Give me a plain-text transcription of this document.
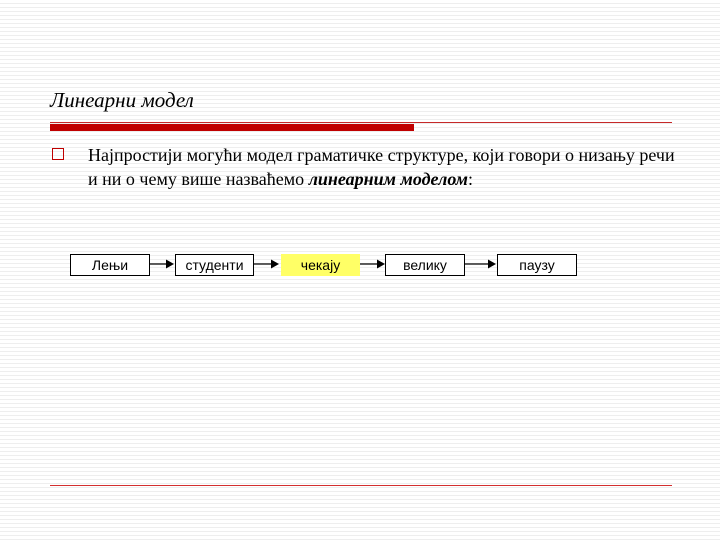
Линеарни модел
Најпростији могући модел граматичке структуре, који говори о низању речи и ни о чему више назваћемо линеарним моделом:
Лењи	студенти	чекају	велику	паузу
